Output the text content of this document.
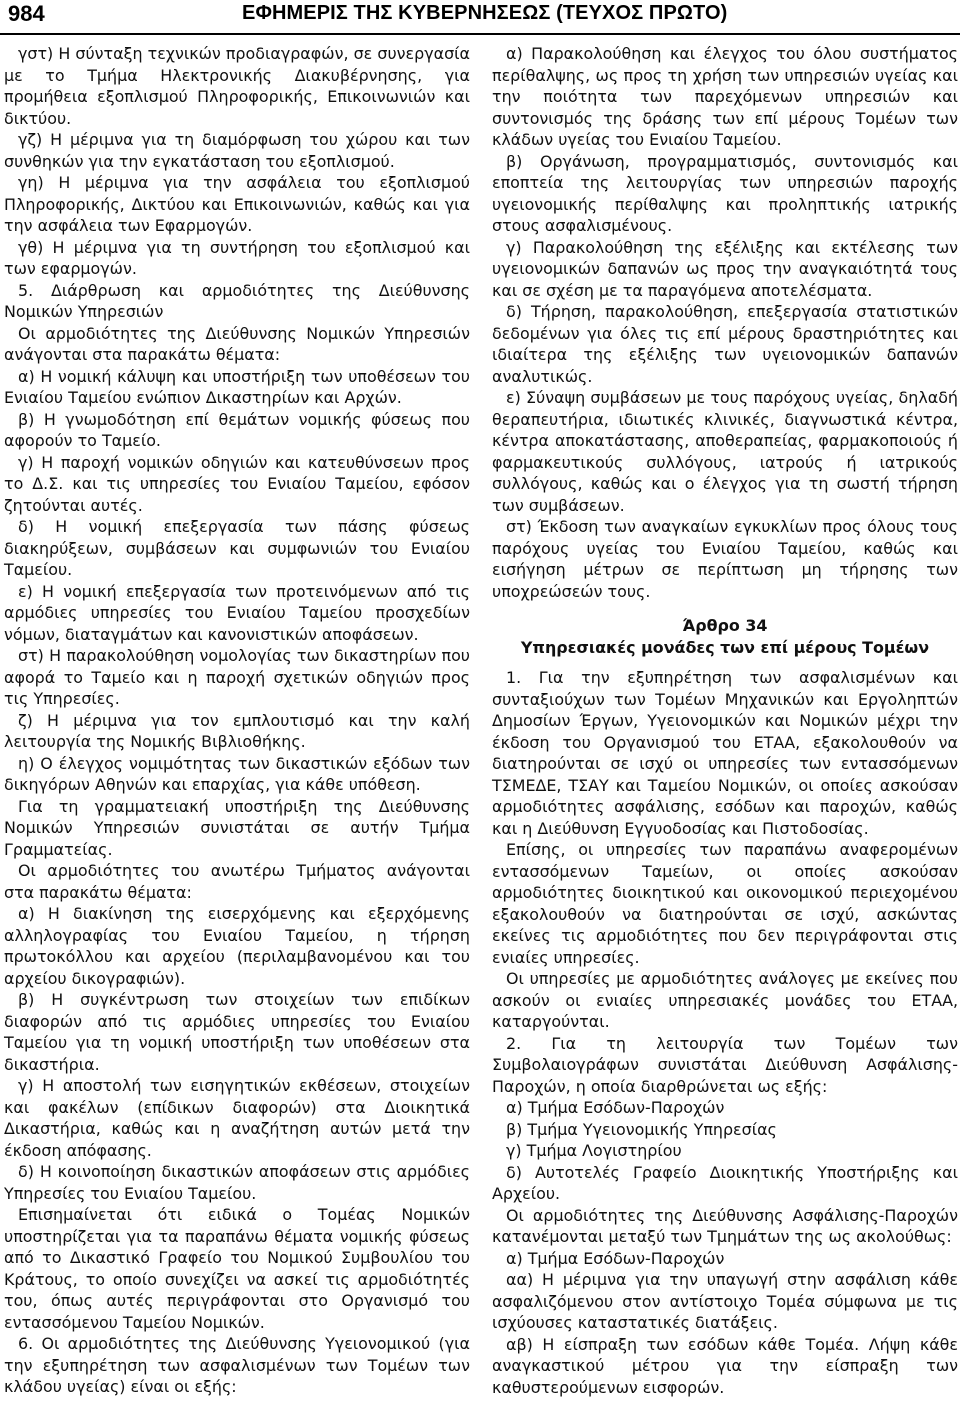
984	ΕΦΗΜΕΡΙΣ ΤΗΣ ΚΥΒΕΡΝΗΣΕΩΣ (ΤΕΥΧΟΣ ΠΡΩΤΟ)

γστ) Η σύνταξη τεχνικών προδιαγραφών, σε συνεργασία με το Τμήμα Ηλεκτρονικής Διακυβέρνησης, για προμήθεια εξοπλισμού Πληροφορικής, Επικοινωνιών και δικτύου.

γζ) Η μέριμνα για τη διαμόρφωση του χώρου και των συνθηκών για την εγκατάσταση του εξοπλισμού.

γη) Η μέριμνα για την ασφάλεια του εξοπλισμού Πληροφορικής, Δικτύου και Επικοινωνιών, καθώς και για την ασφάλεια των Εφαρμογών.

γθ) Η μέριμνα για τη συντήρηση του εξοπλισμού και των εφαρμογών.

5. Διάρθρωση και αρμοδιότητες της Διεύθυνσης Νομικών Υπηρεσιών

Οι αρμοδιότητες της Διεύθυνσης Νομικών Υπηρεσιών ανάγονται στα παρακάτω θέματα:

α) Η νομική κάλυψη και υποστήριξη των υποθέσεων του Ενιαίου Ταμείου ενώπιον Δικαστηρίων και Αρχών.

β) Η γνωμοδότηση επί θεμάτων νομικής φύσεως που αφορούν το Ταμείο.

γ) Η παροχή νομικών οδηγιών και κατευθύνσεων προς το Δ.Σ. και τις υπηρεσίες του Ενιαίου Ταμείου, εφόσον ζητούνται αυτές.

δ) Η νομική επεξεργασία των πάσης φύσεως διακηρύξεων, συμβάσεων και συμφωνιών του Ενιαίου Ταμείου.

ε) Η νομική επεξεργασία των προτεινόμενων από τις αρμόδιες υπηρεσίες του Ενιαίου Ταμείου προσχεδίων νόμων, διαταγμάτων και κανονιστικών αποφάσεων.

στ) Η παρακολούθηση νομολογίας των δικαστηρίων που αφορά το Ταμείο και η παροχή σχετικών οδηγιών προς τις Υπηρεσίες.

ζ) Η μέριμνα για τον εμπλουτισμό και την καλή λειτουργία της Νομικής Βιβλιοθήκης.

η) Ο έλεγχος νομιμότητας των δικαστικών εξόδων των δικηγόρων Αθηνών και επαρχίας, για κάθε υπόθεση.

Για τη γραμματειακή υποστήριξη της Διεύθυνσης Νομικών Υπηρεσιών συνιστάται σε αυτήν Τμήμα Γραμματείας.

Οι αρμοδιότητες του ανωτέρω Τμήματος ανάγονται στα παρακάτω θέματα:

α) Η διακίνηση της εισερχόμενης και εξερχόμενης αλληλογραφίας του Ενιαίου Ταμείου, η τήρηση πρωτοκόλλου και αρχείου (περιλαμβανομένου και του αρχείου δικογραφιών).

β) Η συγκέντρωση των στοιχείων των επιδίκων διαφορών από τις αρμόδιες υπηρεσίες του Ενιαίου Ταμείου για τη νομική υποστήριξη των υποθέσεων στα δικαστήρια.

γ) Η αποστολή των εισηγητικών εκθέσεων, στοιχείων και φακέλων (επίδικων διαφορών) στα Διοικητικά Δικαστήρια, καθώς και η αναζήτηση αυτών μετά την έκδοση απόφασης.

δ) Η κοινοποίηση δικαστικών αποφάσεων στις αρμόδιες Υπηρεσίες του Ενιαίου Ταμείου.

Επισημαίνεται ότι ειδικά ο Τομέας Νομικών υποστηρίζεται για τα παραπάνω θέματα νομικής φύσεως από το Δικαστικό Γραφείο του Νομικού Συμβουλίου του Κράτους, το οποίο συνεχίζει να ασκεί τις αρμοδιότητές του, όπως αυτές περιγράφονται στο Οργανισμό του εντασσόμενου Ταμείου Νομικών.

6. Οι αρμοδιότητες της Διεύθυνσης Υγειονομικού (για την εξυπηρέτηση των ασφαλισμένων των Τομέων των κλάδου υγείας) είναι οι εξής:

α) Παρακολούθηση και έλεγχος του όλου συστήματος περίθαλψης, ως προς τη χρήση των υπηρεσιών υγείας και την ποιότητα των παρεχόμενων υπηρεσιών και συντονισμός της δράσης των επί μέρους Τομέων των κλάδων υγείας του Ενιαίου Ταμείου.

β) Οργάνωση, προγραμματισμός, συντονισμός και εποπτεία της λειτουργίας των υπηρεσιών παροχής υγειονομικής περίθαλψης και προληπτικής ιατρικής στους ασφαλισμένους.

γ) Παρακολούθηση της εξέλιξης και εκτέλεσης των υγειονομικών δαπανών ως προς την αναγκαιότητά τους και σε σχέση με τα παραγόμενα αποτελέσματα.

δ) Τήρηση, παρακολούθηση, επεξεργασία στατιστικών δεδομένων για όλες τις επί μέρους δραστηριότητες και ιδιαίτερα της εξέλιξης των υγειονομικών δαπανών αναλυτικώς.

ε) Σύναψη συμβάσεων με τους παρόχους υγείας, δηλαδή θεραπευτήρια, ιδιωτικές κλινικές, διαγνωστικά κέντρα, κέντρα αποκατάστασης, αποθεραπείας, φαρμακοποιούς ή φαρμακευτικούς συλλόγους, ιατρούς ή ιατρικούς συλλόγους, καθώς και ο έλεγχος για τη σωστή τήρηση των συμβάσεων.

στ) Έκδοση των αναγκαίων εγκυκλίων προς όλους τους παρόχους υγείας του Ενιαίου Ταμείου, καθώς και εισήγηση μέτρων σε περίπτωση μη τήρησης των υποχρεώσεών τους.

Άρθρο 34

Υπηρεσιακές μονάδες των επί μέρους Τομέων

1. Για την εξυπηρέτηση των ασφαλισμένων και συνταξιούχων των Τομέων Μηχανικών και Εργοληπτών Δημοσίων Έργων, Υγειονομικών και Νομικών μέχρι την έκδοση του Οργανισμού του ΕΤΑΑ, εξακολουθούν να διατηρούνται σε ισχύ οι υπηρεσίες των εντασσόμενων ΤΣΜΕΔΕ, ΤΣΑΥ και Ταμείου Νομικών, οι οποίες ασκούσαν αρμοδιότητες ασφάλισης, εσόδων και παροχών, καθώς και η Διεύθυνση Εγγυοδοσίας και Πιστοδοσίας.

Επίσης, οι υπηρεσίες των παραπάνω αναφερομένων εντασσόμενων Ταμείων, οι οποίες ασκούσαν αρμοδιότητες διοικητικού και οικονομικού περιεχομένου εξακολουθούν να διατηρούνται σε ισχύ, ασκώντας εκείνες τις αρμοδιότητες που δεν περιγράφονται στις ενιαίες υπηρεσίες.

Οι υπηρεσίες με αρμοδιότητες ανάλογες με εκείνες που ασκούν οι ενιαίες υπηρεσιακές μονάδες του ΕΤΑΑ, καταργούνται.

2. Για τη λειτουργία των Τομέων των Συμβολαιογράφων συνιστάται Διεύθυνση Ασφάλισης-Παροχών, η οποία διαρθρώνεται ως εξής:

α) Τμήμα Εσόδων-Παροχών

β) Τμήμα Υγειονομικής Υπηρεσίας

γ) Τμήμα Λογιστηρίου

δ) Αυτοτελές Γραφείο Διοικητικής Υποστήριξης και Αρχείου.

Οι αρμοδιότητες της Διεύθυνσης Ασφάλισης-Παροχών κατανέμονται μεταξύ των Τμημάτων της ως ακολούθως:

α) Τμήμα Εσόδων-Παροχών

αα) Η μέριμνα για την υπαγωγή στην ασφάλιση κάθε ασφαλιζόμενου στον αντίστοιχο Τομέα σύμφωνα με τις ισχύουσες καταστατικές διατάξεις.

αβ) Η είσπραξη των εσόδων κάθε Τομέα. Λήψη κάθε αναγκαστικού μέτρου για την είσπραξη των καθυστερούμενων εισφορών.
